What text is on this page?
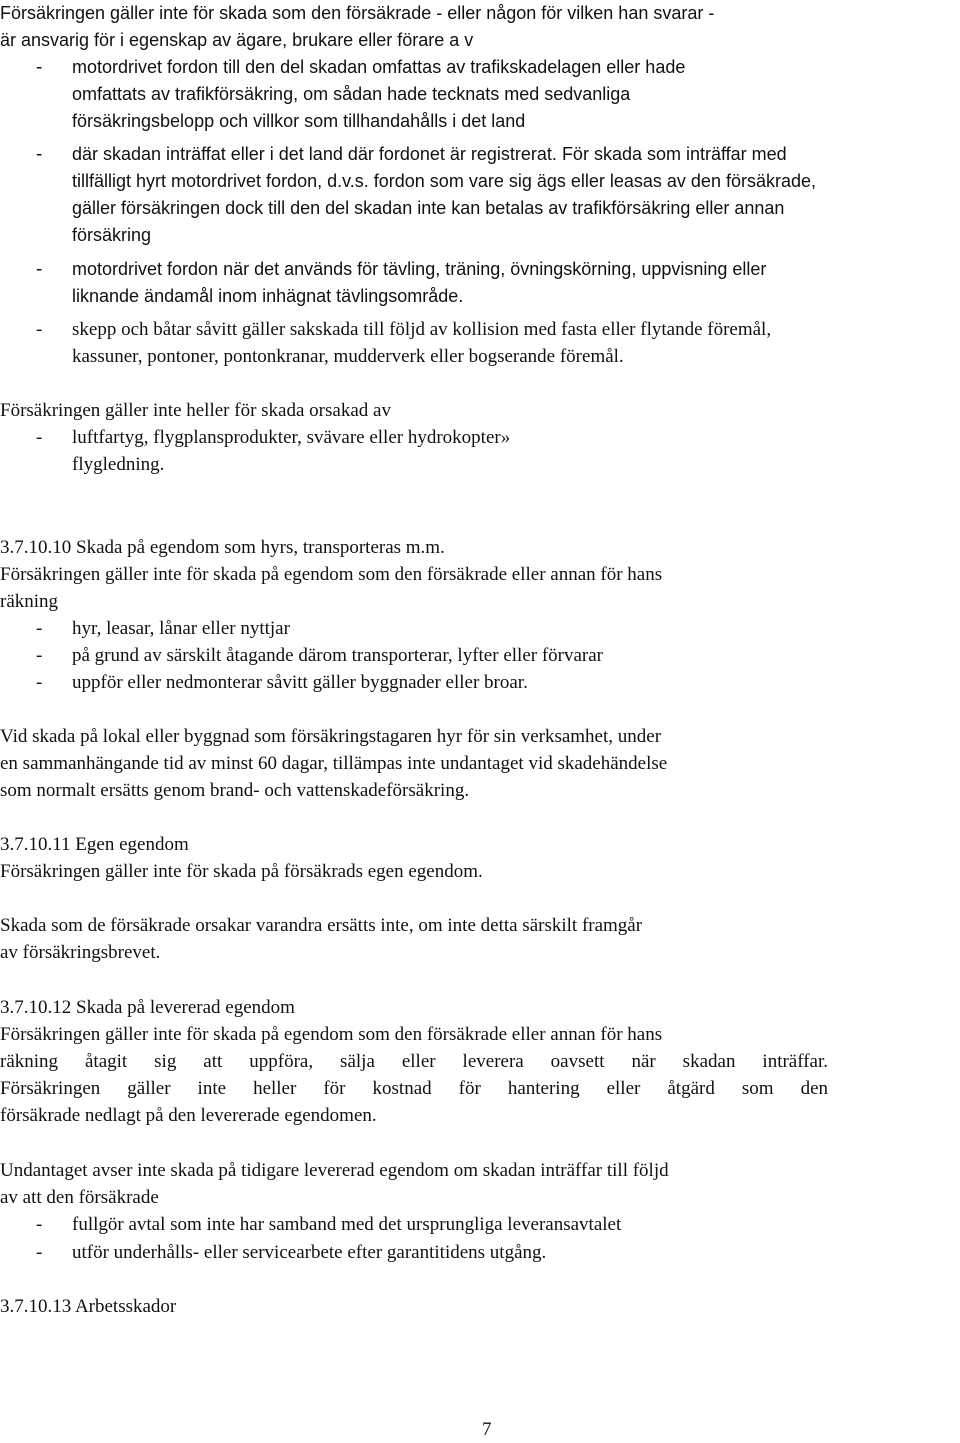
Försäkringen gäller inte för skada som den försäkrade - eller någon för vilken han svarar -
är ansvarig för i egenskap av ägare, brukare eller förare a v
- motordrivet fordon till den del skadan omfattas av trafikskadelagen eller hade
omfattats av trafikförsäkring, om sådan hade tecknats med sedvanliga
försäkringsbelopp och villkor som tillhandahålls i det land
- där skadan inträffat eller i det land där fordonet är registrerat. För skada som inträffar med
tillfälligt hyrt motordrivet fordon, d.v.s. fordon som vare sig ägs eller leasas av den försäkrade,
gäller försäkringen dock till den del skadan inte kan betalas av trafikförsäkring eller annan
försäkring
- motordrivet fordon när det används för tävling, träning, övningskörning, uppvisning eller
liknande ändamål inom inhägnat tävlingsområde.
- skepp och båtar såvitt gäller sakskada till följd av kollision med fasta eller flytande föremål,
kassuner, pontoner, pontonkranar, mudderverk eller bogserande föremål.
Försäkringen gäller inte heller för skada orsakad av
- luftfartyg, flygplansprodukter, svävare eller hydrokopter»
flygledning.
3.7.10.10 Skada på egendom som hyrs, transporteras m.m.
Försäkringen gäller inte för skada på egendom som den försäkrade eller annan för hans
räkning
- hyr, leasar, lånar eller nyttjar
- på grund av särskilt åtagande därom transporterar, lyfter eller förvarar
- uppför eller nedmonterar såvitt gäller byggnader eller broar.
Vid skada på lokal eller byggnad som försäkringstagaren hyr för sin verksamhet, under
en sammanhängande tid av minst 60 dagar, tillämpas inte undantaget vid skadehändelse
som normalt ersätts genom brand- och vattenskadeförsäkring.
3.7.10.11 Egen egendom
Försäkringen gäller inte för skada på försäkrads egen egendom.
Skada som de försäkrade orsakar varandra ersätts inte, om inte detta särskilt framgår
av försäkringsbrevet.
3.7.10.12 Skada på levererad egendom
Försäkringen gäller inte för skada på egendom som den försäkrade eller annan för hans
räkning åtagit sig att uppföra, sälja eller leverera oavsett när skadan inträffar.
Försäkringen gäller inte heller för kostnad för hantering eller åtgärd som den
försäkrade nedlagt på den levererade egendomen.
Undantaget avser inte skada på tidigare levererad egendom om skadan inträffar till följd
av att den försäkrade
- fullgör avtal som inte har samband med det ursprungliga leveransavtalet
- utför underhålls- eller servicearbete efter garantitidens utgång.
3.7.10.13 Arbetsskador
7
